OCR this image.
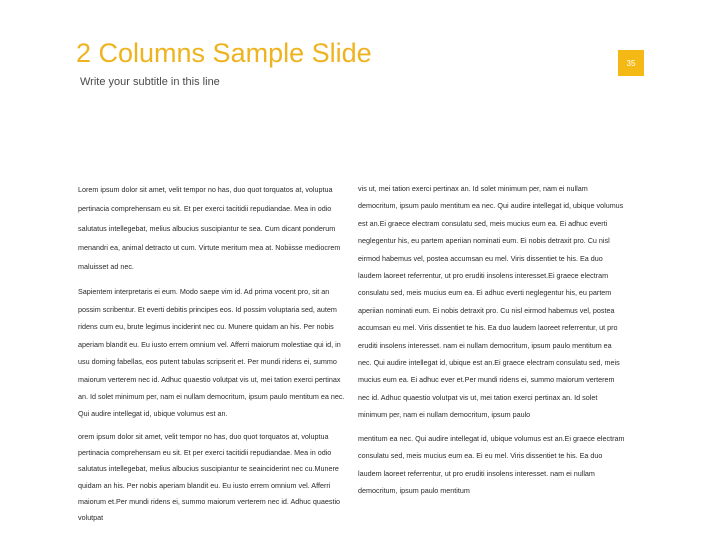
2 Columns Sample Slide
Write your subtitle in this line
35

Lorem ipsum dolor sit amet, velit tempor no has, duo quot torquatos at, voluptua pertinacia comprehensam eu sit. Et per exerci tacitidii repudiandae. Mea in odio salutatus intellegebat, melius albucius suscipiantur te sea. Cum dicant ponderum menandri ea, animal detracto ut cum. Virtute meritum mea at. Nobiisse mediocrem maluisset ad nec.

Sapientem interpretaris ei eum. Modo saepe vim id. Ad prima vocent pro, sit an possim scribentur. Et everti debitis principes eos. Id possim voluptaria sed, autem ridens cum eu, brute legimus inciderint nec cu. Munere quidam an his. Per nobis aperiam blandit eu. Eu iusto errem omnium vel. Afferri maiorum molestiae qui id, in usu doming fabellas, eos putent tabulas scripserit et. Per mundi ridens ei, summo maiorum verterem nec id. Adhuc quaestio volutpat vis ut, mei tation exerci pertinax an. Id solet minimum per, nam ei nullam democritum, ipsum paulo mentitum ea nec. Qui audire intellegat id, ubique volumus est an.

orem ipsum dolor sit amet, velit tempor no has, duo quot torquatos at, voluptua pertinacia comprehensam eu sit. Et per exerci tacitidii repudiandae. Mea in odio salutatus intellegebat, melius albucius suscipiantur te seainciderint nec cu.Munere quidam an his. Per nobis aperiam blandit eu. Eu iusto errem omnium vel. Afferri maiorum et.Per mundi ridens ei, summo maiorum verterem nec id. Adhuc quaestio volutpat

vis ut, mei tation exerci pertinax an. Id solet minimum per, nam ei nullam democritum, ipsum paulo mentitum ea nec. Qui audire intellegat id, ubique volumus est an.Ei graece electram consulatu sed, meis mucius eum ea. Ei adhuc everti neglegentur his, eu partem aperiian nominati eum. Ei nobis detraxit pro. Cu nisl eirmod habemus vel, postea accumsan eu mel. Viris dissentiet te his. Ea duo laudem laoreet referrentur, ut pro eruditi insolens interesset.Ei graece electram consulatu sed, meis mucius eum ea. Ei adhuc everti neglegentur his, eu partem aperiian nominati eum. Ei nobis detraxit pro. Cu nisl eirmod habemus vel, postea accumsan eu mel. Viris dissentiet te his. Ea duo laudem laoreet referrentur, ut pro eruditi insolens interesset. nam ei nullam democritum, ipsum paulo mentitum ea nec. Qui audire intellegat id, ubique est an.Ei graece electram consulatu sed, meis mucius eum ea. Ei adhuc ever et.Per mundi ridens ei, summo maiorum verterem nec id. Adhuc quaestio volutpat vis ut, mei tation exerci pertinax an. Id solet minimum per, nam ei nullam democritum, ipsum paulo

mentitum ea nec. Qui audire intellegat id, ubique volumus est an.Ei graece electram consulatu sed, meis mucius eum ea. Ei eu mel. Viris dissentiet te his. Ea duo laudem laoreet referrentur, ut pro eruditi insolens interesset. nam ei nullam democritum, ipsum paulo mentitum
